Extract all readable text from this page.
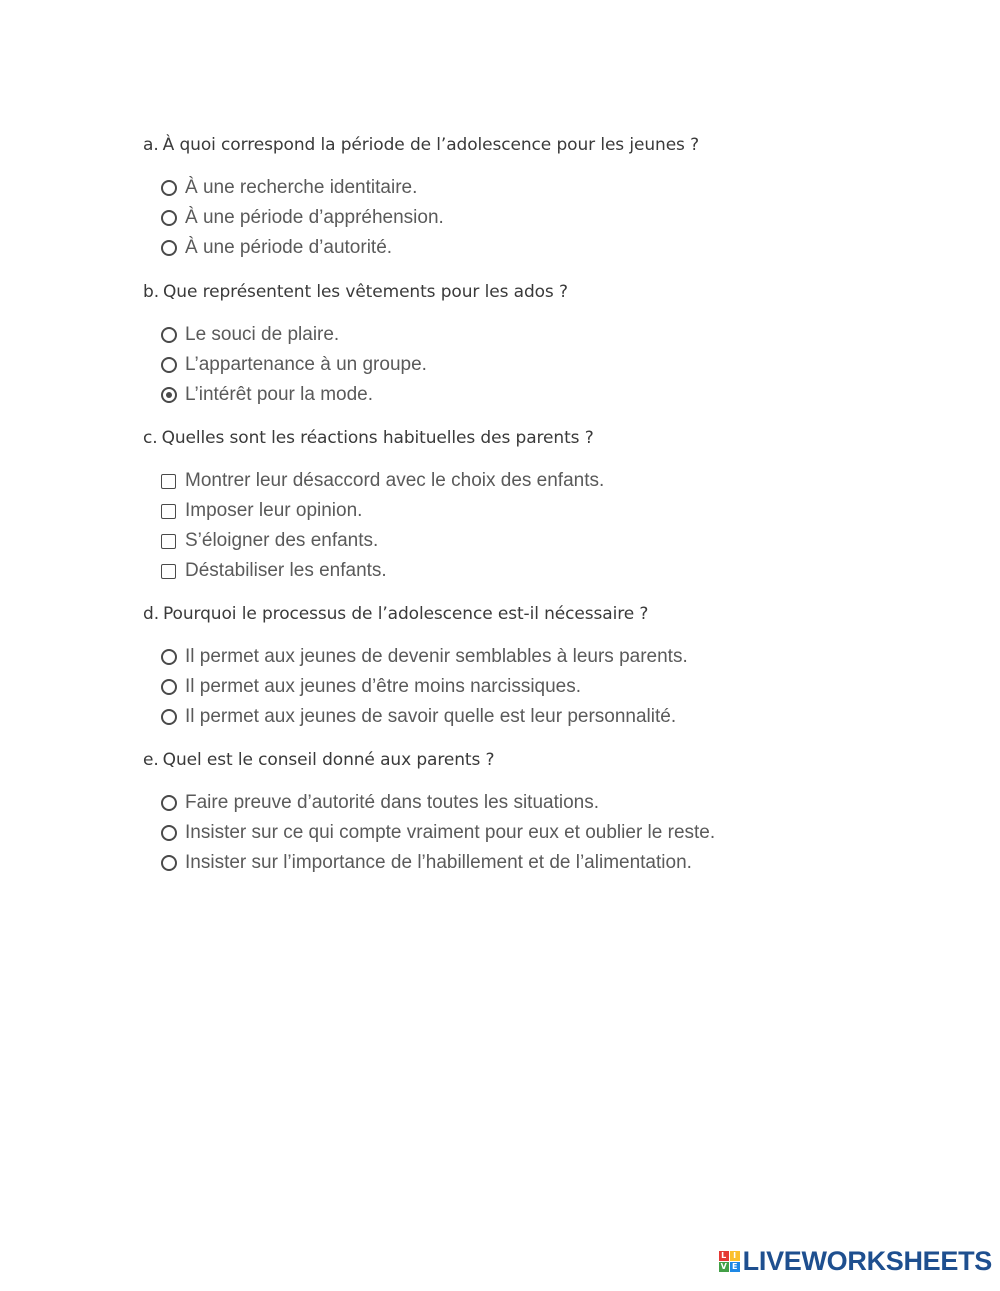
a. À quoi correspond la période de l’adolescence pour les jeunes ?
À une recherche identitaire.
À une période d’appréhension.
À une période d’autorité.
b. Que représentent les vêtements pour les ados ?
Le souci de plaire.
L’appartenance à un groupe.
L’intérêt pour la mode.
c. Quelles sont les réactions habituelles des parents ?
Montrer leur désaccord avec le choix des enfants.
Imposer leur opinion.
S’éloigner des enfants.
Déstabiliser les enfants.
d. Pourquoi le processus de l’adolescence est-il nécessaire ?
Il permet aux jeunes de devenir semblables à leurs parents.
Il permet aux jeunes d’être moins narcissiques.
Il permet aux jeunes de savoir quelle est leur personnalité.
e. Quel est le conseil donné aux parents ?
Faire preuve d’autorité dans toutes les situations.
Insister sur ce qui compte vraiment pour eux et oublier le reste.
Insister sur l’importance de l’habillement et de l’alimentation.
L I
V E LIVEWORKSHEETS
